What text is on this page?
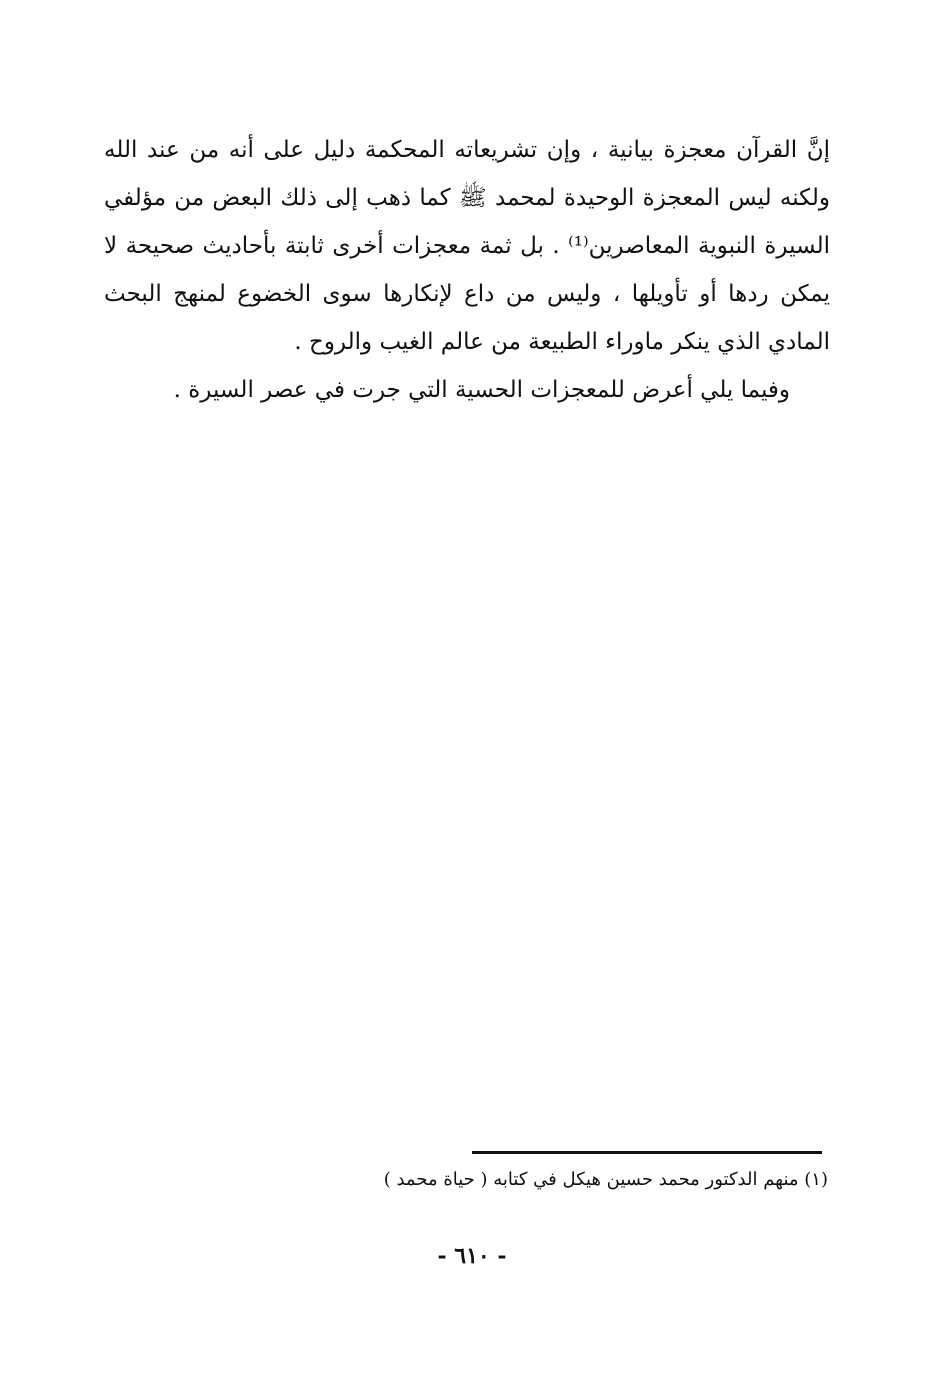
إنَّ القرآن معجزة بيانية ، وإن تشريعاته المحكمة دليل على أنه من عند الله
ولكنه ليس المعجزة الوحيدة لمحمد ﷺ كما ذهب إلى ذلك البعض من مؤلفي
السيرة النبوية المعاصرين⁽¹⁾ . بل ثمة معجزات أخرى ثابتة بأحاديث صحيحة لا
يمكن ردها أو تأويلها ، وليس من داع لإنكارها سوى الخضوع لمنهج البحث
المادي الذي ينكر ماوراء الطبيعة من عالم الغيب والروح .
وفيما يلي أعرض للمعجزات الحسية التي جرت في عصر السيرة .
(١) منهم الدكتور محمد حسين هيكل في كتابه ( حياة محمد )
- ٦١٠ -
